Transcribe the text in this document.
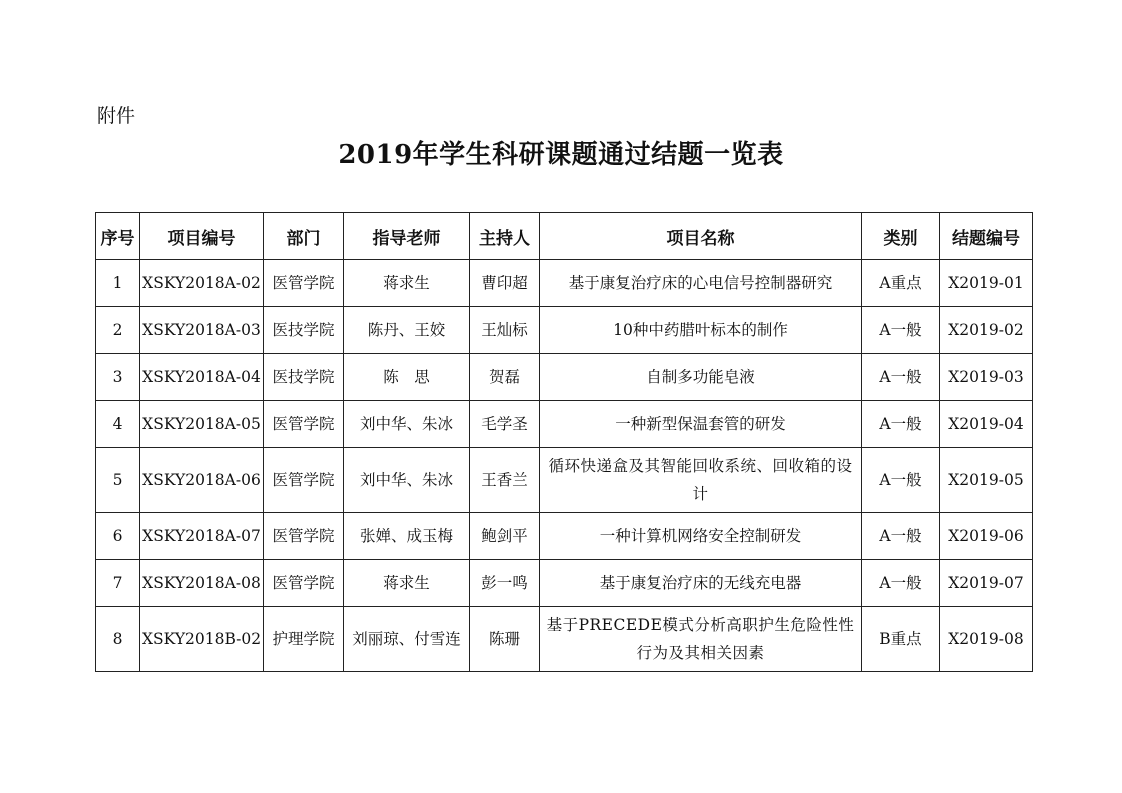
附件
2019年学生科研课题通过结题一览表
序号	项目编号	部门	指导老师	主持人	项目名称	类别	结题编号
1	XSKY2018A-02	医管学院	蒋求生	曹印超	基于康复治疗床的心电信号控制器研究	A重点	X2019-01
2	XSKY2018A-03	医技学院	陈丹、王姣	王灿标	10种中药腊叶标本的制作	A一般	X2019-02
3	XSKY2018A-04	医技学院	陈　思	贺磊	自制多功能皂液	A一般	X2019-03
4	XSKY2018A-05	医管学院	刘中华、朱冰	毛学圣	一种新型保温套管的研发	A一般	X2019-04
5	XSKY2018A-06	医管学院	刘中华、朱冰	王香兰	循环快递盒及其智能回收系统、回收箱的设计	A一般	X2019-05
6	XSKY2018A-07	医管学院	张婵、成玉梅	鲍剑平	一种计算机网络安全控制研发	A一般	X2019-06
7	XSKY2018A-08	医管学院	蒋求生	彭一鸣	基于康复治疗床的无线充电器	A一般	X2019-07
8	XSKY2018B-02	护理学院	刘丽琼、付雪连	陈珊	基于PRECEDE模式分析高职护生危险性性行为及其相关因素	B重点	X2019-08
